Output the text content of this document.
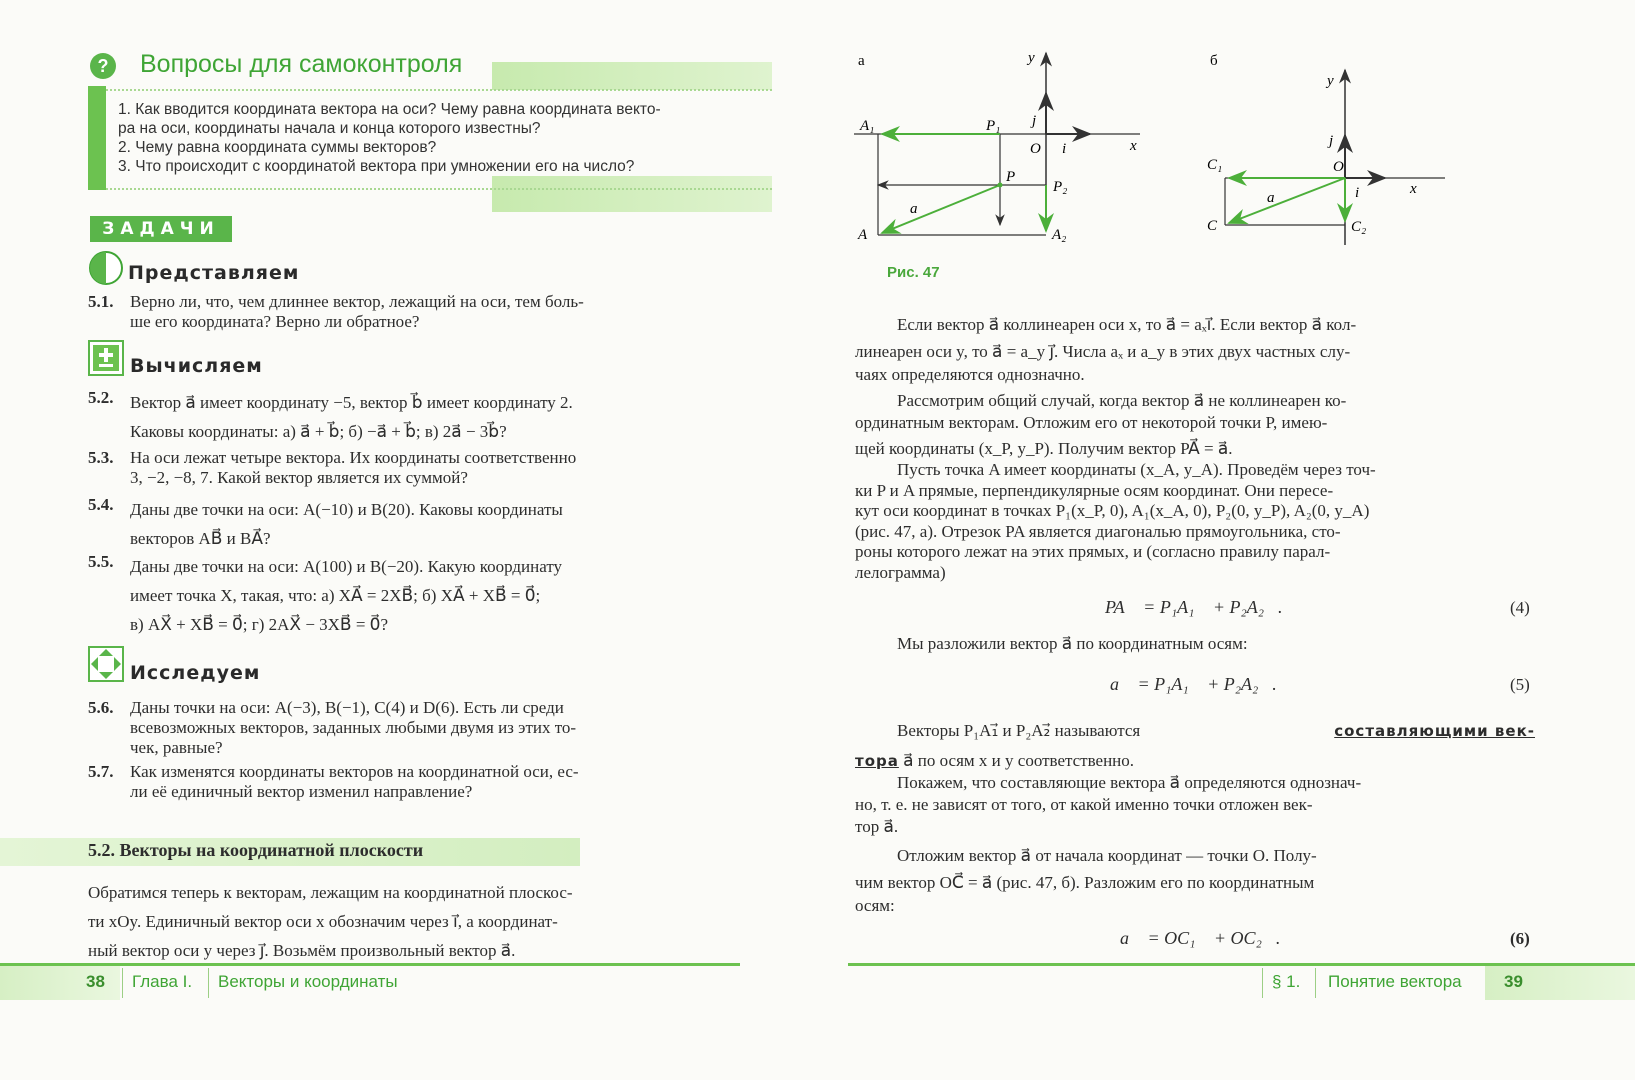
?	Вопросы для самоконтроля
1. Как вводится координата вектора на оси? Чему равна координата векто-
ра на оси, координаты начала и конца которого известны?
2. Чему равна координата суммы векторов?
3. Что происходит с координатой вектора при умножении его на число?
ЗАДАЧИ
Представляем
5.1. Верно ли, что, чем длиннее вектор, лежащий на оси, тем боль-
ше его координата? Верно ли обратное?
Вычисляем
5.2. Вектор a⃗ имеет координату −5, вектор b⃗ имеет координату 2.
Каковы координаты: а) a⃗ + b⃗; б) −a⃗ + b⃗; в) 2a⃗ − 3b⃗?
5.3. На оси лежат четыре вектора. Их координаты соответственно
3, −2, −8, 7. Какой вектор является их суммой?
5.4. Даны две точки на оси: A(−10) и B(20). Каковы координаты
векторов AB⃗ и BA⃗?
5.5. Даны две точки на оси: A(100) и B(−20). Какую координату
имеет точка X, такая, что: а) XA⃗ = 2XB⃗; б) XA⃗ + XB⃗ = 0⃗;
в) AX⃗ + XB⃗ = 0⃗; г) 2AX⃗ − 3XB⃗ = 0⃗?
Исследуем
5.6. Даны точки на оси: A(−3), B(−1), C(4) и D(6). Есть ли среди
всевозможных векторов, заданных любыми двумя из этих то-
чек, равные?
5.7. Как изменятся координаты векторов на координатной оси, ес-
ли её единичный вектор изменил направление?
5.2. Векторы на координатной плоскости
Обратимся теперь к векторам, лежащим на координатной плоскос-
ти xOy. Единичный вектор оси x обозначим через i⃗, а координат-
ный вектор оси y через j⃗. Возьмём произвольный вектор a⃗.
38 Глава I. Векторы и координаты
а	y
x
j
O i
A₁	P₁
P
P₂
a⃗
A	A₂
б
y
x
j⃗
O
i⃗
C₁
a⃗
C	C₂
Рис. 47
Если вектор a⃗ коллинеарен оси x, то a⃗ = aₓi⃗. Если вектор a⃗ кол-
линеарен оси y, то a⃗ = a_y j⃗. Числа aₓ и a_y в этих двух частных слу-
чаях определяются однозначно.
Рассмотрим общий случай, когда вектор a⃗ не коллинеарен ко-
ординатным векторам. Отложим его от некоторой точки P, имею-
щей координаты (x_P, y_P). Получим вектор PA⃗ = a⃗.
Пусть точка A имеет координаты (x_A, y_A). Проведём через точ-
ки P и A прямые, перпендикулярные осям координат. Они пересе-
кут оси координат в точках P₁(x_P, 0), A₁(x_A, 0), P₂(0, y_P), A₂(0, y_A)
(рис. 47, а). Отрезок PA является диагональю прямоугольника, сто-
роны которого лежат на этих прямых, и (согласно правилу парал-
лелограмма)
PA⃗ = P₁A₁⃗ + P₂A₂⃗.	(4)
Мы разложили вектор a⃗ по координатным осям:
a⃗ = P₁A₁⃗ + P₂A₂⃗.	(5)
Векторы P₁A₁⃗ и P₂A₂⃗ называются	составляющими век-
тора a⃗ по осям x и y соответственно.
Покажем, что составляющие вектора a⃗ определяются однознач-
но, т. е. не зависят от того, от какой именно точки отложен век-
тор a⃗.
Отложим вектор a⃗ от начала координат — точки O. Полу-
чим вектор OC⃗ = a⃗ (рис. 47, б). Разложим его по координатным
осям:
a⃗ = OC₁⃗ + OC₂⃗.	(6)
§ 1. Понятие вектора 39
